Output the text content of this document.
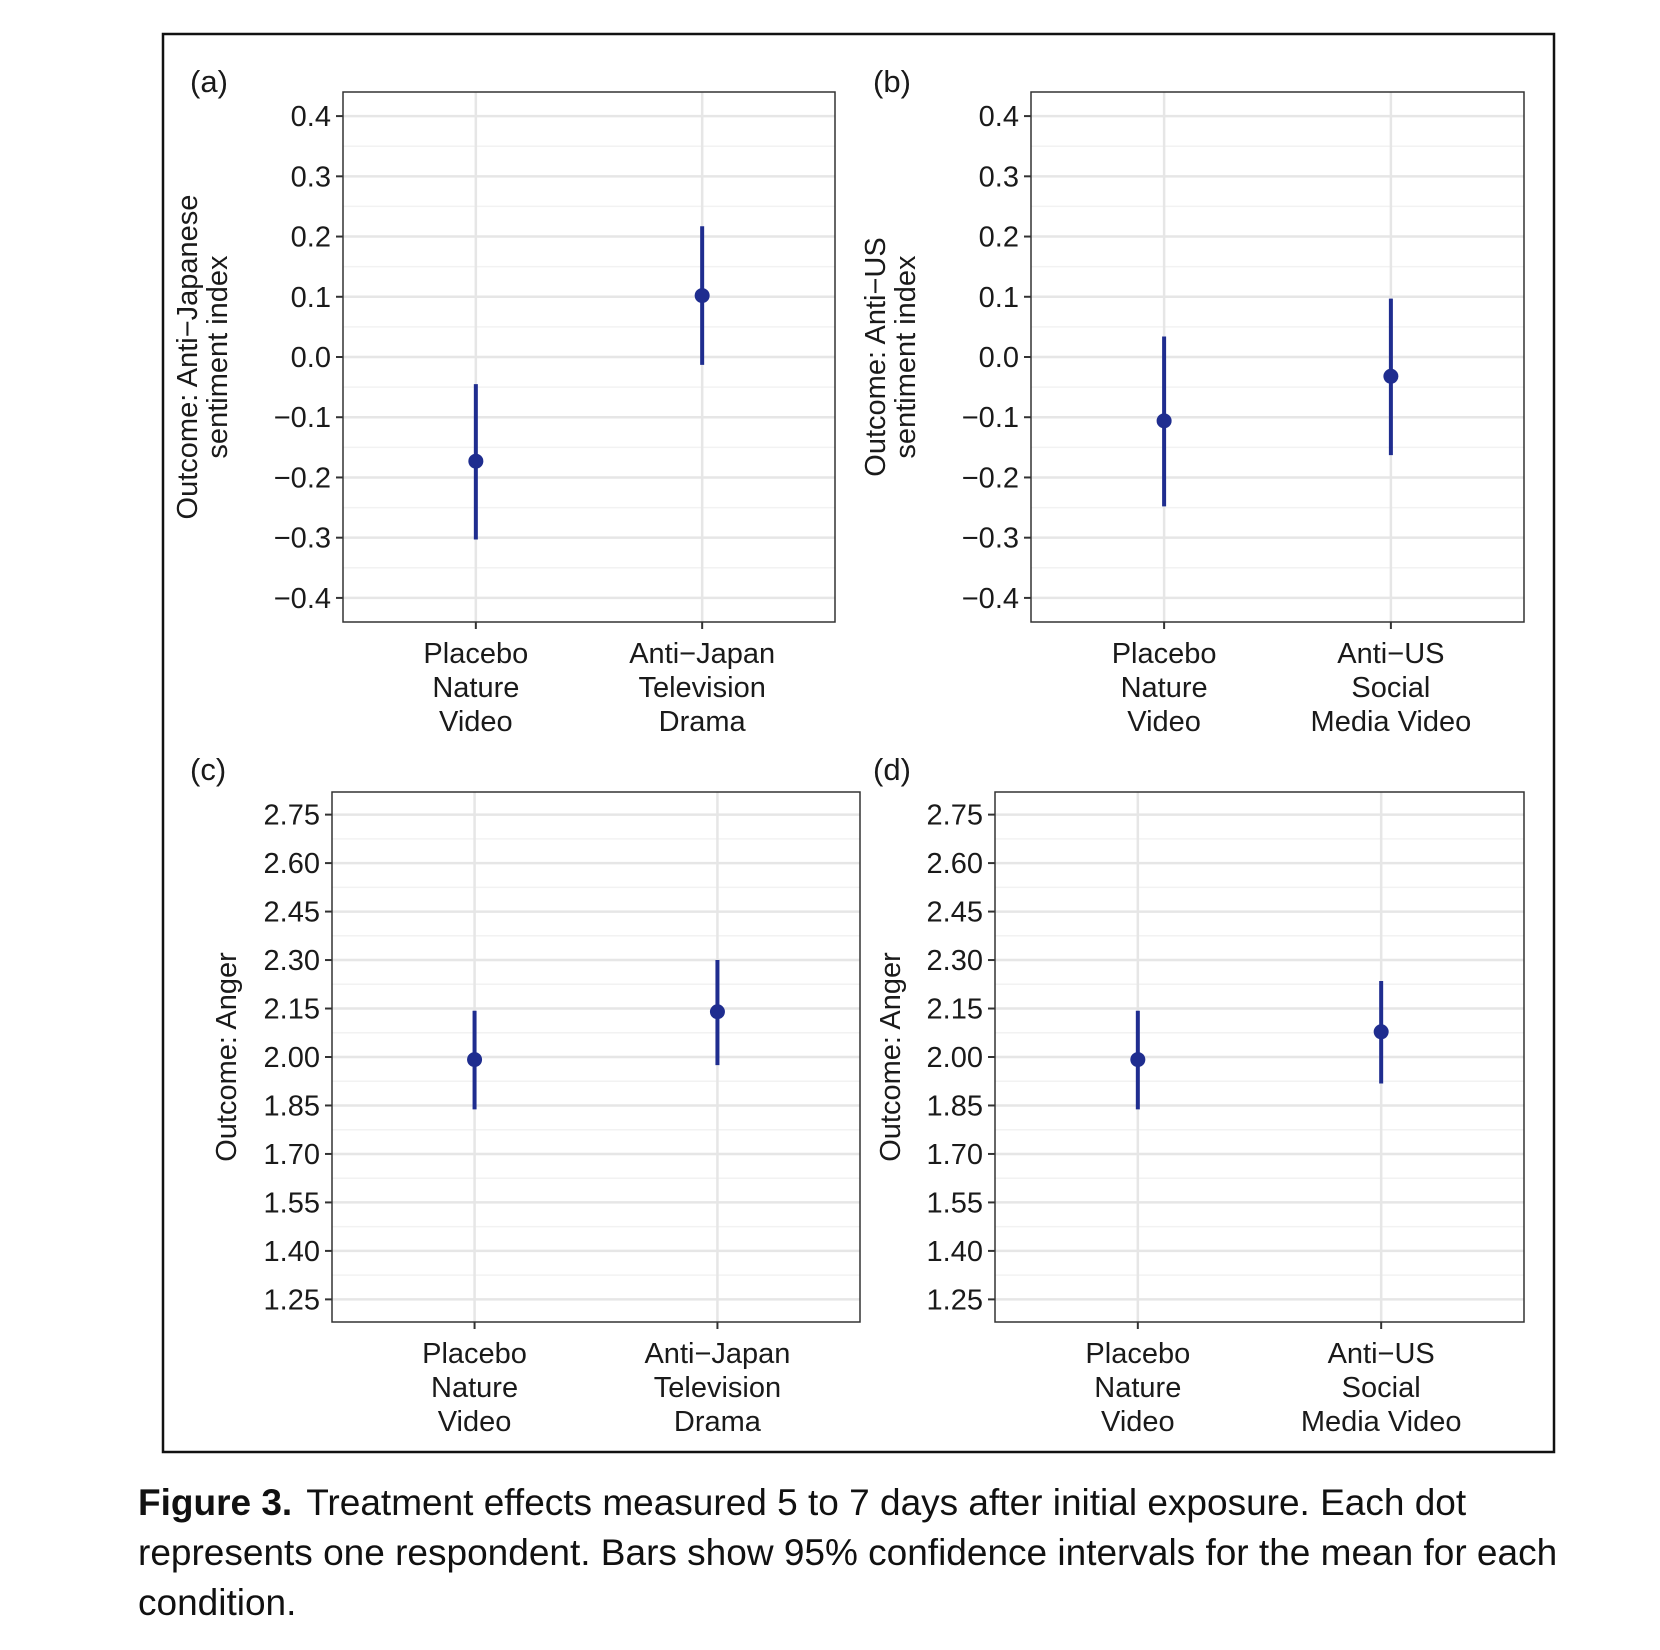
0.4
0.3
0.2
0.1
0.0
−0.1
−0.2
−0.3
−0.4
Placebo
Nature
Video
Anti−Japan
Television
Drama
(a)
Outcome: Anti−Japanese
sentiment index
0.4
0.3
0.2
0.1
0.0
−0.1
−0.2
−0.3
−0.4
Placebo
Nature
Video
Anti−US
Social
Media Video
(b)
Outcome: Anti−US
sentiment index
2.75
2.60
2.45
2.30
2.15
2.00
1.85
1.70
1.55
1.40
1.25
Placebo
Nature
Video
Anti−Japan
Television
Drama
(c)
Outcome: Anger
2.75
2.60
2.45
2.30
2.15
2.00
1.85
1.70
1.55
1.40
1.25
Placebo
Nature
Video
Anti−US
Social
Media Video
(d)
Outcome: Anger
Figure 3. Treatment effects measured 5 to 7 days after initial exposure. Each dot represents one respondent. Bars show 95% confidence intervals for the mean for each condition.
